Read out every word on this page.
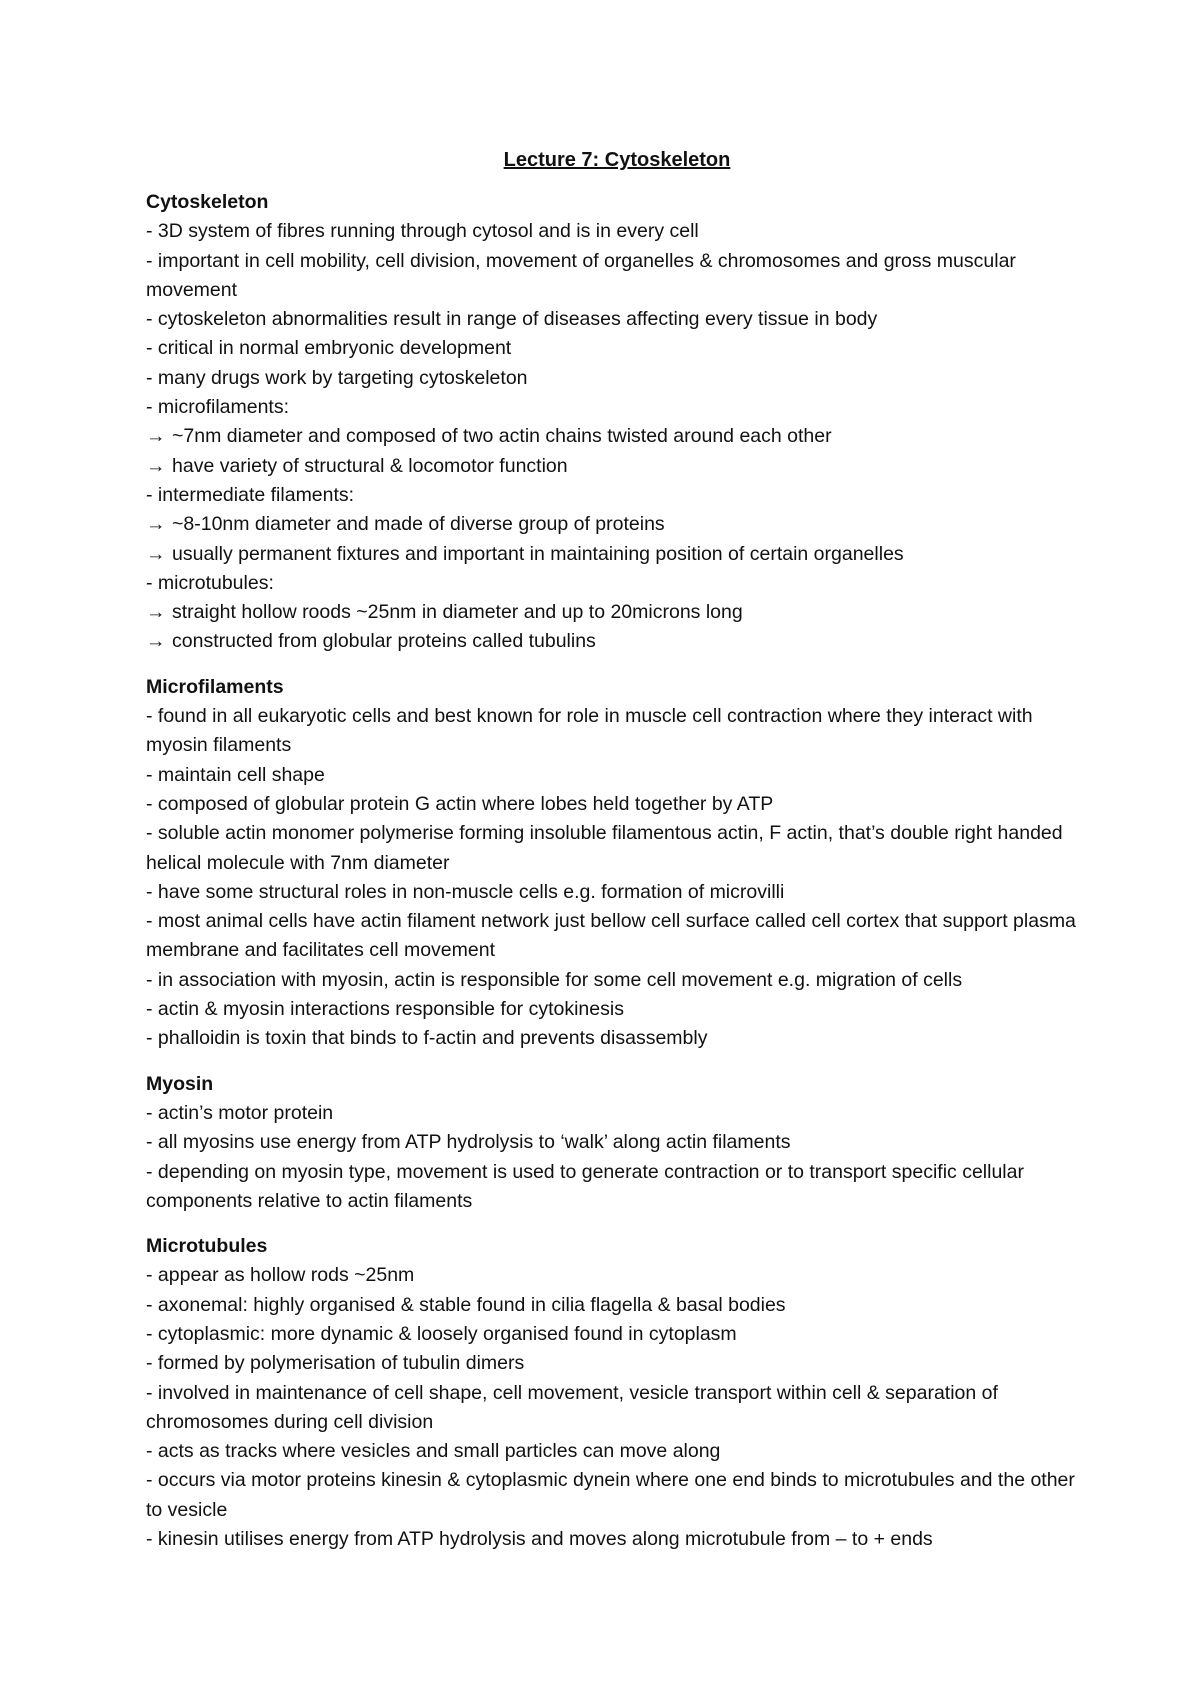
Lecture 7: Cytoskeleton
Cytoskeleton
- 3D system of fibres running through cytosol and is in every cell
- important in cell mobility, cell division, movement of organelles & chromosomes and gross muscular movement
- cytoskeleton abnormalities result in range of diseases affecting every tissue in body
- critical in normal embryonic development
- many drugs work by targeting cytoskeleton
- microfilaments:
→ ~7nm diameter and composed of two actin chains twisted around each other
→ have variety of structural & locomotor function
- intermediate filaments:
→ ~8-10nm diameter and made of diverse group of proteins
→ usually permanent fixtures and important in maintaining position of certain organelles
- microtubules:
→ straight hollow roods ~25nm in diameter and up to 20microns long
→ constructed from globular proteins called tubulins
Microfilaments
- found in all eukaryotic cells and best known for role in muscle cell contraction where they interact with myosin filaments
- maintain cell shape
- composed of globular protein G actin where lobes held together by ATP
- soluble actin monomer polymerise forming insoluble filamentous actin, F actin, that’s double right handed helical molecule with 7nm diameter
- have some structural roles in non-muscle cells e.g. formation of microvilli
- most animal cells have actin filament network just bellow cell surface called cell cortex that support plasma membrane and facilitates cell movement
- in association with myosin, actin is responsible for some cell movement e.g. migration of cells
- actin & myosin interactions responsible for cytokinesis
- phalloidin is toxin that binds to f-actin and prevents disassembly
Myosin
- actin’s motor protein
- all myosins use energy from ATP hydrolysis to ‘walk’ along actin filaments
- depending on myosin type, movement is used to generate contraction or to transport specific cellular components relative to actin filaments
Microtubules
- appear as hollow rods ~25nm
- axonemal: highly organised & stable found in cilia flagella & basal bodies
- cytoplasmic: more dynamic & loosely organised found in cytoplasm
- formed by polymerisation of tubulin dimers
- involved in maintenance of cell shape, cell movement, vesicle transport within cell & separation of chromosomes during cell division
- acts as tracks where vesicles and small particles can move along
- occurs via motor proteins kinesin & cytoplasmic dynein where one end binds to microtubules and the other to vesicle
- kinesin utilises energy from ATP hydrolysis and moves along microtubule from – to + ends
